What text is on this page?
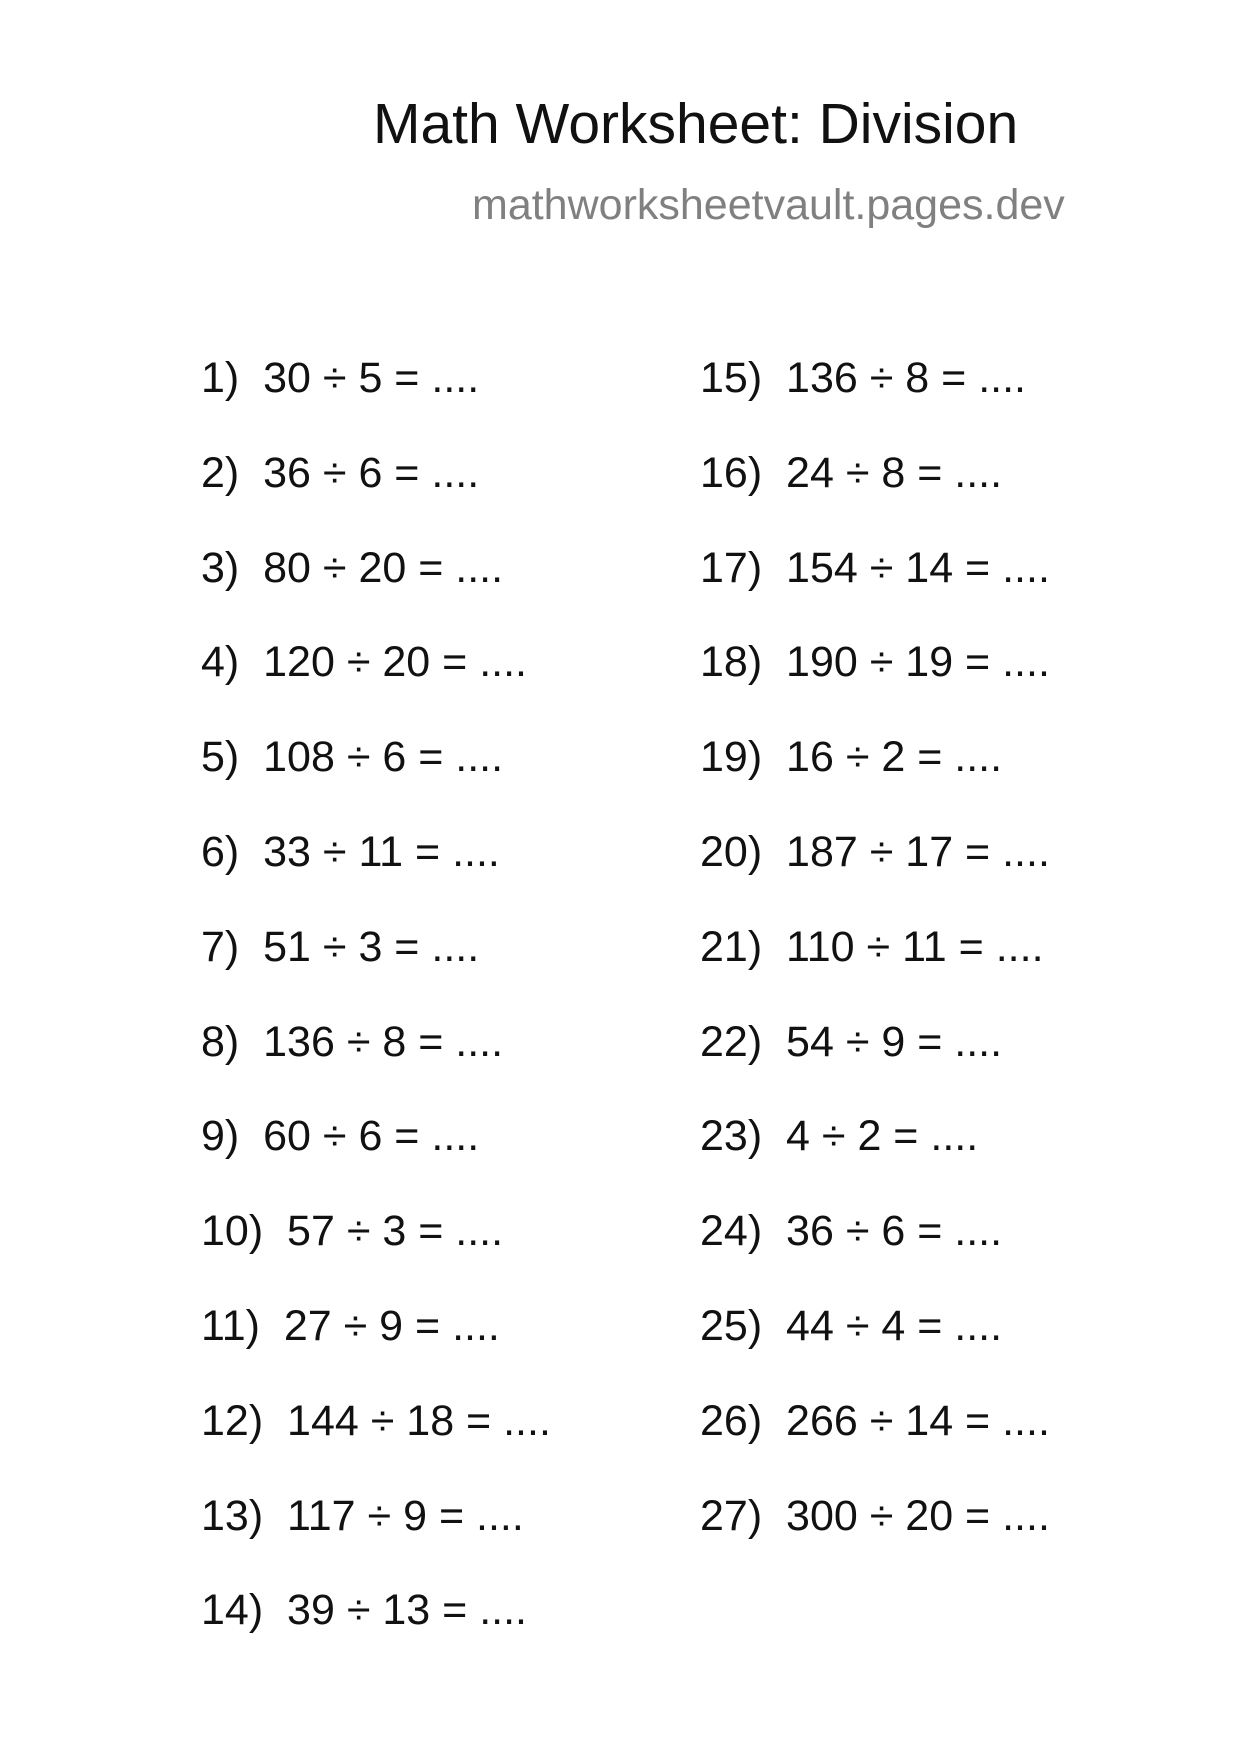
Math Worksheet: Division
mathworksheetvault.pages.dev
1)  30 ÷ 5 = ....
2)  36 ÷ 6 = ....
3)  80 ÷ 20 = ....
4)  120 ÷ 20 = ....
5)  108 ÷ 6 = ....
6)  33 ÷ 11 = ....
7)  51 ÷ 3 = ....
8)  136 ÷ 8 = ....
9)  60 ÷ 6 = ....
10)  57 ÷ 3 = ....
11)  27 ÷ 9 = ....
12)  144 ÷ 18 = ....
13)  117 ÷ 9 = ....
14)  39 ÷ 13 = ....
15)  136 ÷ 8 = ....
16)  24 ÷ 8 = ....
17)  154 ÷ 14 = ....
18)  190 ÷ 19 = ....
19)  16 ÷ 2 = ....
20)  187 ÷ 17 = ....
21)  110 ÷ 11 = ....
22)  54 ÷ 9 = ....
23)  4 ÷ 2 = ....
24)  36 ÷ 6 = ....
25)  44 ÷ 4 = ....
26)  266 ÷ 14 = ....
27)  300 ÷ 20 = ....
